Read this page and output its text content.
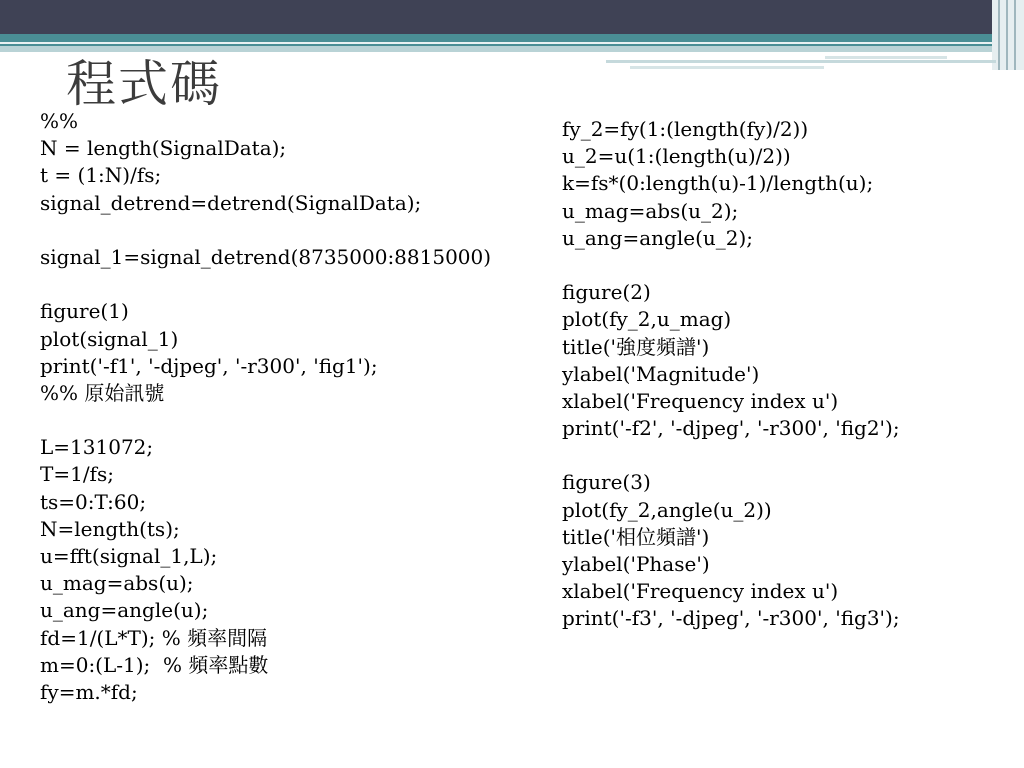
程式碼
%%
N = length(SignalData);
t = (1:N)/fs;
signal_detrend=detrend(SignalData);
signal_1=signal_detrend(8735000:8815000)
figure(1)
plot(signal_1)
print('-f1', '-djpeg', '-r300', 'fig1');
%% 原始訊號
L=131072;
T=1/fs;
ts=0:T:60;
N=length(ts);
u=fft(signal_1,L);
u_mag=abs(u);
u_ang=angle(u);
fd=1/(L*T); % 頻率間隔
m=0:(L-1);  % 頻率點數
fy=m.*fd;
fy_2=fy(1:(length(fy)/2))
u_2=u(1:(length(u)/2))
k=fs*(0:length(u)-1)/length(u);
u_mag=abs(u_2);
u_ang=angle(u_2);
figure(2)
plot(fy_2,u_mag)
title('強度頻譜')
ylabel('Magnitude')
xlabel('Frequency index u')
print('-f2', '-djpeg', '-r300', 'fig2');
figure(3)
plot(fy_2,angle(u_2))
title('相位頻譜')
ylabel('Phase')
xlabel('Frequency index u')
print('-f3', '-djpeg', '-r300', 'fig3');
